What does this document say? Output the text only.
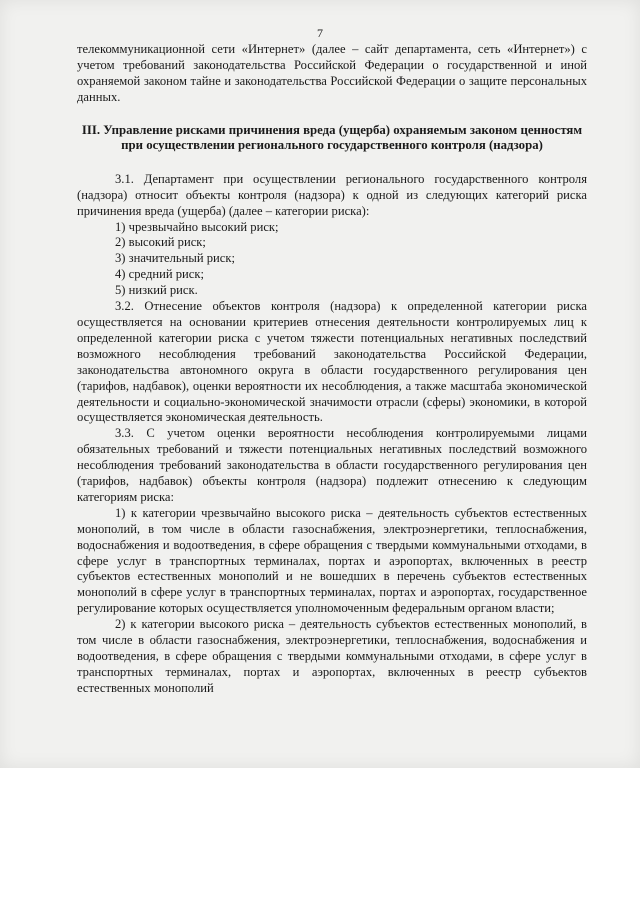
7

телекоммуникационной сети «Интернет» (далее – сайт департамента, сеть «Интернет») с учетом требований законодательства Российской Федерации о государственной и иной охраняемой законом тайне и законодательства Российской Федерации о защите персональных данных.

III. Управление рисками причинения вреда (ущерба) охраняемым законом ценностям при осуществлении регионального государственного контроля (надзора)

3.1. Департамент при осуществлении регионального государственного контроля (надзора) относит объекты контроля (надзора) к одной из следующих категорий риска причинения вреда (ущерба) (далее – категории риска):

1) чрезвычайно высокий риск;

2) высокий риск;

3) значительный риск;

4) средний риск;

5) низкий риск.

3.2. Отнесение объектов контроля (надзора) к определенной категории риска осуществляется на основании критериев отнесения деятельности контролируемых лиц к определенной категории риска с учетом тяжести потенциальных негативных последствий возможного несоблюдения требований законодательства Российской Федерации, законодательства автономного округа в области государственного регулирования цен (тарифов, надбавок), оценки вероятности их несоблюдения, а также масштаба экономической деятельности и социально-экономической значимости отрасли (сферы) экономики, в которой осуществляется экономическая деятельность.

3.3. С учетом оценки вероятности несоблюдения контролируемыми лицами обязательных требований и тяжести потенциальных негативных последствий возможного несоблюдения требований законодательства в области государственного регулирования цен (тарифов, надбавок) объекты контроля (надзора) подлежит отнесению к следующим категориям риска:

1) к категории чрезвычайно высокого риска – деятельность субъектов естественных монополий, в том числе в области газоснабжения, электроэнергетики, теплоснабжения, водоснабжения и водоотведения, в сфере обращения с твердыми коммунальными отходами, в сфере услуг в транспортных терминалах, портах и аэропортах, включенных в реестр субъектов естественных монополий и не вошедших в перечень субъектов естественных монополий в сфере услуг в транспортных терминалах, портах и аэропортах, государственное регулирование которых осуществляется уполномоченным федеральным органом власти;

2) к категории высокого риска – деятельность субъектов естественных монополий, в том числе в области газоснабжения, электроэнергетики, теплоснабжения, водоснабжения и водоотведения, в сфере обращения с твердыми коммунальными отходами, в сфере услуг в транспортных терминалах, портах и аэропортах, включенных в реестр субъектов естественных монополий
